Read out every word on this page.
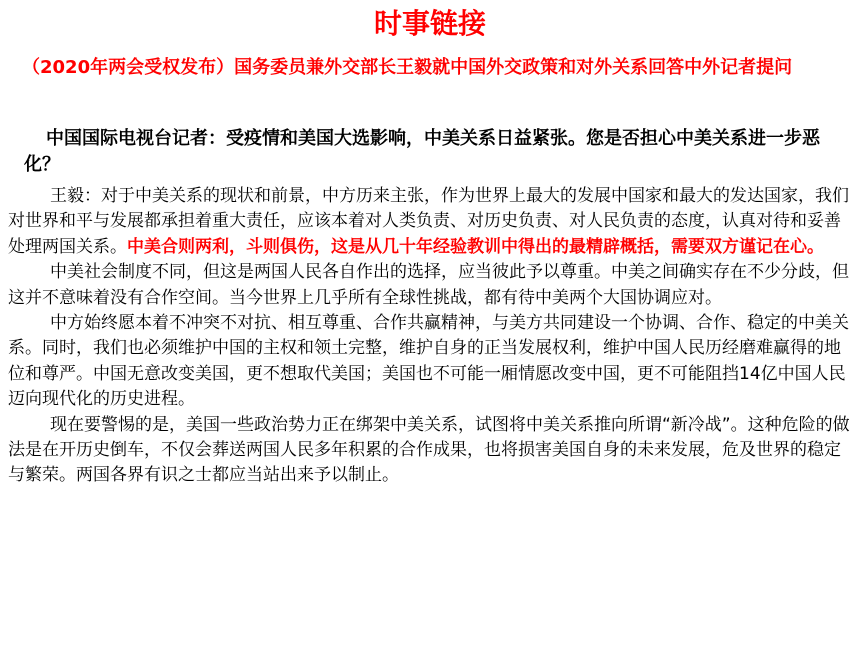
时事链接
（2020年两会受权发布）国务委员兼外交部长王毅就中国外交政策和对外关系回答中外记者提问
中国国际电视台记者：受疫情和美国大选影响，中美关系日益紧张。您是否担心中美关系进一步恶化？

王毅：对于中美关系的现状和前景，中方历来主张，作为世界上最大的发展中国家和最大的发达国家，我们对世界和平与发展都承担着重大责任，应该本着对人类负责、对历史负责、对人民负责的态度，认真对待和妥善处理两国关系。中美合则两利，斗则俱伤，这是从几十年经验教训中得出的最精辟概括，需要双方谨记在心。

中美社会制度不同，但这是两国人民各自作出的选择，应当彼此予以尊重。中美之间确实存在不少分歧，但这并不意味着没有合作空间。当今世界上几乎所有全球性挑战，都有待中美两个大国协调应对。

中方始终愿本着不冲突不对抗、相互尊重、合作共赢精神，与美方共同建设一个协调、合作、稳定的中美关系。同时，我们也必须维护中国的主权和领土完整，维护自身的正当发展权利，维护中国人民历经磨难赢得的地位和尊严。中国无意改变美国，更不想取代美国；美国也不可能一厢情愿改变中国，更不可能阻挡14亿中国人民迈向现代化的历史进程。

现在要警惕的是，美国一些政治势力正在绑架中美关系，试图将中美关系推向所谓“新冷战”。这种危险的做法是在开历史倒车，不仅会葬送两国人民多年积累的合作成果，也将损害美国自身的未来发展，危及世界的稳定与繁荣。两国各界有识之士都应当站出来予以制止。
